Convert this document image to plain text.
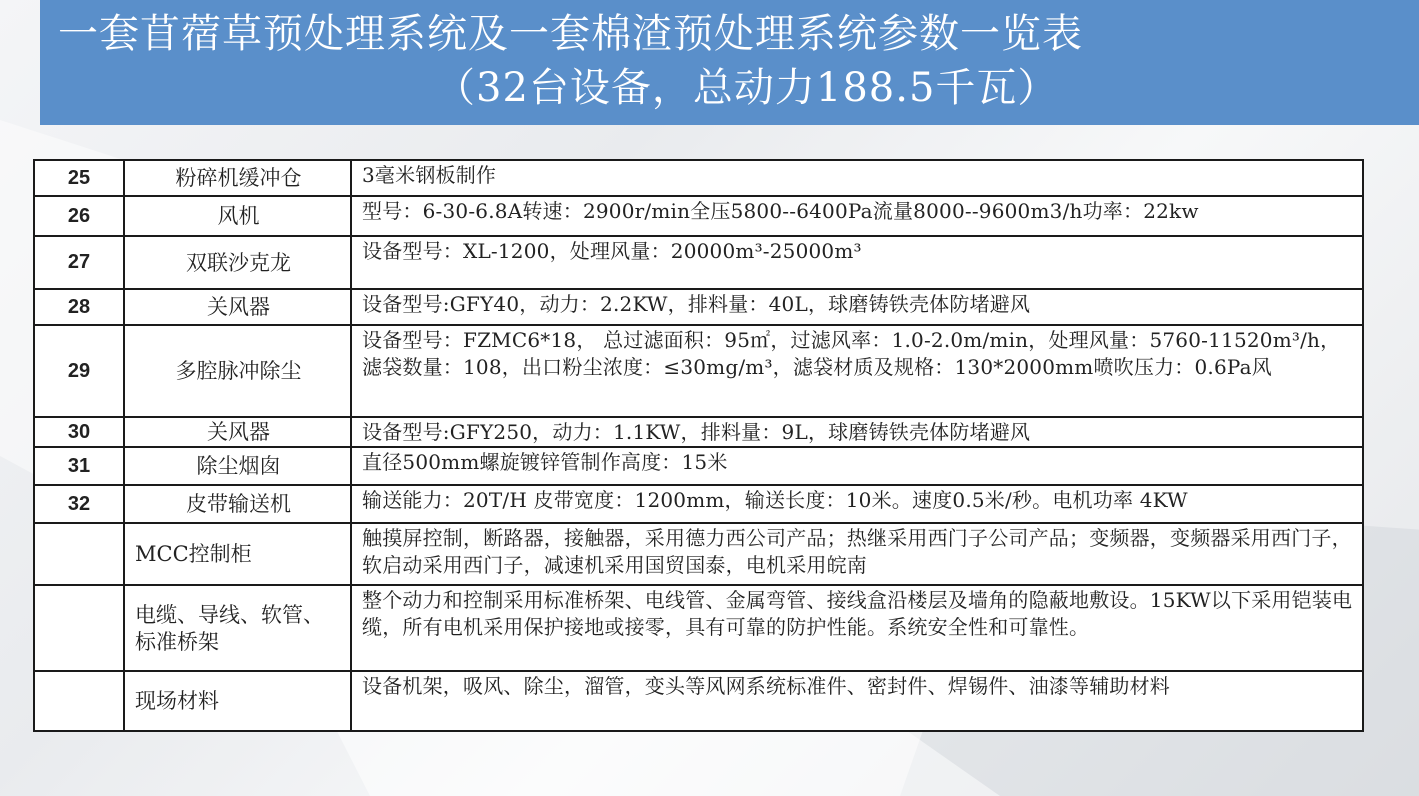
一套苜蓿草预处理系统及一套棉渣预处理系统参数一览表
（32台设备，总动力188.5千瓦）
25	粉碎机缓冲仓	3毫米钢板制作
26	风机	型号：6-30-6.8A转速：2900r/min全压5800--6400Pa流量8000--9600m3/h功率：22kw
27	双联沙克龙	设备型号：XL-1200，处理风量：20000m³-25000m³
28	关风器	设备型号:GFY40，动力：2.2KW，排料量：40L，球磨铸铁壳体防堵避风
29	多腔脉冲除尘	设备型号：FZMC6*18， 总过滤面积：95㎡，过滤风率：1.0-2.0m/min，处理风量：5760-11520m³/h，滤袋数量：108，出口粉尘浓度：≤30mg/m³，滤袋材质及规格：130*2000mm喷吹压力：0.6Pa风
30	关风器	设备型号:GFY250，动力：1.1KW，排料量：9L，球磨铸铁壳体防堵避风
31	除尘烟囱	直径500mm螺旋镀锌管制作高度：15米
32	皮带输送机	输送能力：20T/H 皮带宽度：1200mm，输送长度：10米。速度0.5米/秒。电机功率 4KW
	MCC控制柜	触摸屏控制，断路器，接触器，采用德力西公司产品；热继采用西门子公司产品；变频器，变频器采用西门子，软启动采用西门子，减速机采用国贸国泰，电机采用皖南
	电缆、导线、软管、标准桥架	整个动力和控制采用标准桥架、电线管、金属弯管、接线盒沿楼层及墙角的隐蔽地敷设。15KW以下采用铠装电缆，所有电机采用保护接地或接零，具有可靠的防护性能。系统安全性和可靠性。
	现场材料	设备机架，吸风、除尘，溜管，变头等风网系统标准件、密封件、焊锡件、油漆等辅助材料
